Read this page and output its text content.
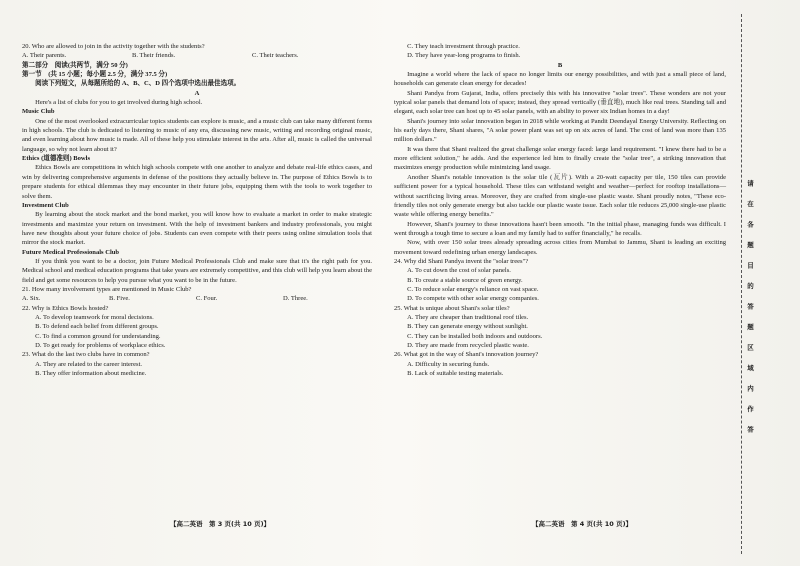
20. Who are allowed to join in the activity together with the students?

A. Their parents.	B. Their friends.	C. Their teachers.

第二部分　阅读(共两节，满分 50 分)

第一节　(共 15 小题；每小题 2.5 分，满分 37.5 分)

阅读下列短文，从每题所给的 A、B、C、D 四个选项中选出最佳选项。

A

Here's a list of clubs for you to get involved during high school.

Music Club

One of the most overlooked extracurricular topics students can explore is music, and a music club can take many different forms in high schools. The club is dedicated to listening to music of any era, discussing new music, writing and recording original music, and even learning about how music is made. All of these help you stimulate interest in the arts. After all, music is called the universal language, so why not learn about it?

Ethics (道德准则) Bowls

Ethics Bowls are competitions in which high schools compete with one another to analyze and debate real-life ethics cases, and win by delivering comprehensive arguments in defense of the positions they actually believe in. The purpose of Ethics Bowls is to prepare students for ethical dilemmas they may encounter in their future jobs, equipping them with the tools to work together to solve them.

Investment Club

By learning about the stock market and the bond market, you will know how to evaluate a market in order to make strategic investments and maximize your return on investment. With the help of investment bankers and industry professionals, you might have new thoughts about your future choice of jobs. Students can even compete with their peers using online simulation tools that mirror the stock market.

Future Medical Professionals Club

If you think you want to be a doctor, join Future Medical Professionals Club and make sure that it's the right path for you. Medical school and medical education programs that take years are extremely competitive, and this club will help you learn about the field and get some resources to help you pursue what you want to be in the future.

21. How many involvement types are mentioned in Music Club?

A. Six.	B. Five.	C. Four.	D. Three.

22. Why is Ethics Bowls hosted?

A. To develop teamwork for moral decisions.

B. To defend each belief from different groups.

C. To find a common ground for understanding.

D. To get ready for problems of workplace ethics.

23. What do the last two clubs have in common?

A. They are related to the career interest.

B. They offer information about medicine.

C. They teach investment through practice.

D. They have year-long programs to finish.

B

Imagine a world where the lack of space no longer limits our energy possibilities, and with just a small piece of land, households can generate clean energy for decades!

Shani Pandya from Gujarat, India, offers precisely this with his innovative "solar trees". These wonders are not your typical solar panels that demand lots of space; instead, they spread vertically (垂直地), much like real trees. Standing tall and elegant, each solar tree can host up to 45 solar panels, with an ability to power six Indian homes in a day!

Shani's journey into solar innovation began in 2018 while working at Pandit Deendayal Energy University. Reflecting on his early days there, Shani shares, "A solar power plant was set up on six acres of land. The cost of land was more than 135 million dollars."

It was there that Shani realized the great challenge solar energy faced: large land requirement. "I knew there had to be a more efficient solution," he adds. And the experience led him to finally create the "solar tree", a striking innovation that maximizes energy production while minimizing land usage.

Another Shani's notable innovation is the solar tile (瓦片). With a 20-watt capacity per tile, 150 tiles can provide sufficient power for a typical household. These tiles can withstand weight and weather—perfect for rooftop installations—without sacrificing living areas. Moreover, they are crafted from single-use plastic waste. Shani proudly notes, "These eco-friendly tiles not only generate energy but also tackle our plastic waste issue. Each solar tile reduces 25,000 single-use plastic waste while offering energy benefits."

However, Shani's journey to these innovations hasn't been smooth. "In the initial phase, managing funds was difficult. I went through a tough time to secure a loan and my family had to suffer financially," he recalls.

Now, with over 150 solar trees already spreading across cities from Mumbai to Jammu, Shani is leading an exciting movement toward redefining urban energy landscapes.

24. Why did Shani Pandya invent the "solar trees"?

A. To cut down the cost of solar panels.

B. To create a stable source of green energy.

C. To reduce solar energy's reliance on vast space.

D. To compete with other solar energy companies.

25. What is unique about Shani's solar tiles?

A. They are cheaper than traditional roof tiles.

B. They can generate energy without sunlight.

C. They can be installed both indoors and outdoors.

D. They are made from recycled plastic waste.

26. What got in the way of Shani's innovation journey?

A. Difficulty in securing funds.

B. Lack of suitable testing materials.

【高二英语　第 3 页(共 10 页)】	【高二英语　第 4 页(共 10 页)】
请在各题目的答题区域内作答
